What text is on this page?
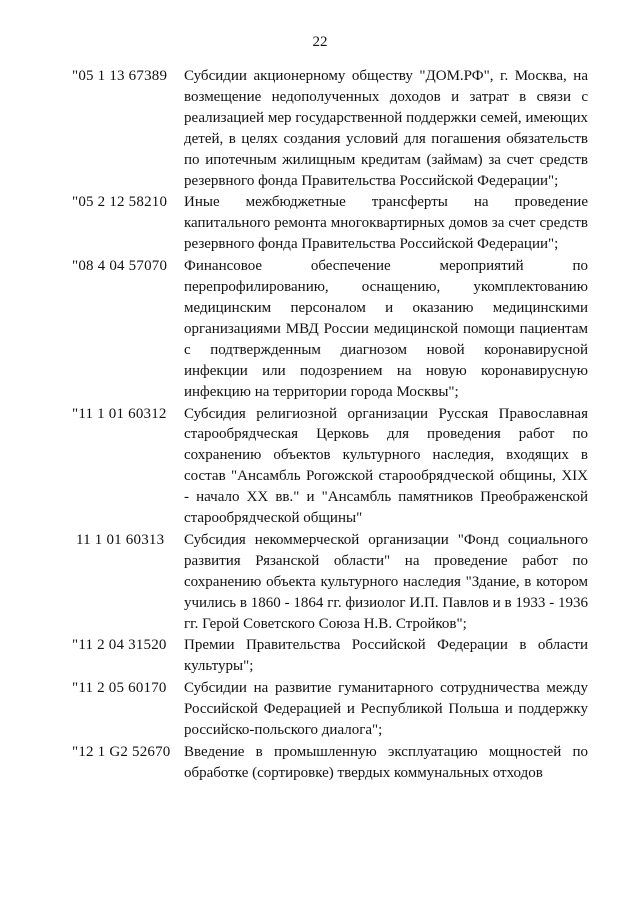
22
"05 1 13 67389	Субсидии акционерному обществу "ДОМ.РФ", г. Москва, на возмещение недополученных доходов и затрат в связи с реализацией мер государственной поддержки семей, имеющих детей, в целях создания условий для погашения обязательств по ипотечным жилищным кредитам (займам) за счет средств резервного фонда Правительства Российской Федерации";
"05 2 12 58210	Иные межбюджетные трансферты на проведение капитального ремонта многоквартирных домов за счет средств резервного фонда Правительства Российской Федерации";
"08 4 04 57070	Финансовое обеспечение мероприятий по перепрофилированию, оснащению, укомплектованию медицинским персоналом и оказанию медицинскими организациями МВД России медицинской помощи пациентам с подтвержденным диагнозом новой коронавирусной инфекции или подозрением на новую коронавирусную инфекцию на территории города Москвы";
"11 1 01 60312	Субсидия религиозной организации Русская Православная старообрядческая Церковь для проведения работ по сохранению объектов культурного наследия, входящих в состав "Ансамбль Рогожской старообрядческой общины, XIX - начало XX вв." и "Ансамбль памятников Преображенской старообрядческой общины"
11 1 01 60313	Субсидия некоммерческой организации "Фонд социального развития Рязанской области" на проведение работ по сохранению объекта культурного наследия "Здание, в котором учились в 1860 - 1864 гг. физиолог И.П. Павлов и в 1933 - 1936 гг. Герой Советского Союза Н.В. Стройков";
"11 2 04 31520	Премии Правительства Российской Федерации в области культуры";
"11 2 05 60170	Субсидии на развитие гуманитарного сотрудничества между Российской Федерацией и Республикой Польша и поддержку российско-польского диалога";
"12 1 G2 52670 Введение в промышленную эксплуатацию мощностей по обработке (сортировке) твердых коммунальных отходов
